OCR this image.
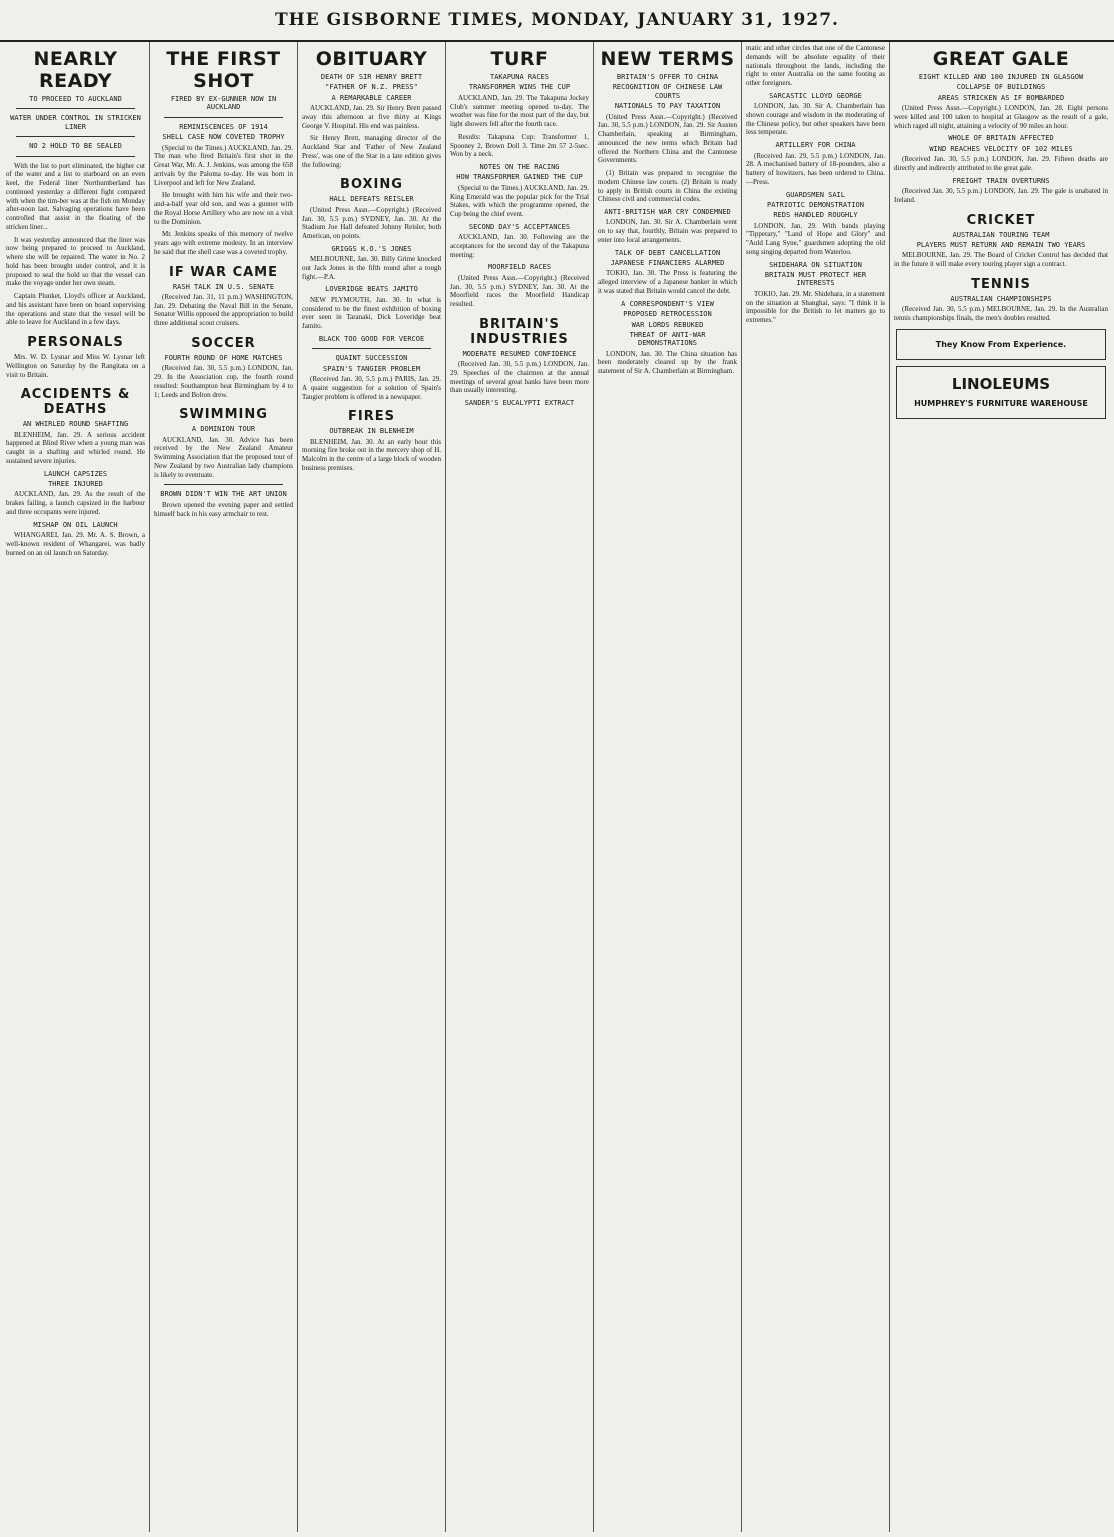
THE GISBORNE TIMES, MONDAY, JANUARY 31, 1927.
NEARLY READY
TO PROCEED TO AUCKLAND
WATER UNDER CONTROL IN STRICKEN LINER
NO 2 HOLD TO BE SEALED

With the list to port eliminated, the higher cut of the water and a list to starboard on an even keel, the Federal liner Northumberland has continued yesterday a different fight compared with when the tim-ber was at the fish on Monday after-noon last. Salvaging operations have been controlled that assist in the floating of the stricken liner...

It was yesterday announced that the liner was now being prepared to proceed to Auckland, where she will be repaired. The water in No. 2 hold has been brought under control, and it is proposed to seal the hold so that the vessel can make the voyage under her own steam.

Captain Plunket, Lloyd's officer at Auckland, and his assistant have been on board supervising the operations and state that the vessel will be able to leave for Auckland in a few days.

PERSONALS

Mrs. W. D. Lysnar and Miss W. Lysnar left Wellington on Saturday by the Rangitata on a visit to Britain.

ACCIDENTS & DEATHS
AN WHIRLED ROUND SHAFTING

BLENHEIM, Jan. 29. A serious accident happened at Blind River when a young man was caught in a shafting and whirled round. He sustained severe injuries.

LAUNCH CAPSIZES
THREE INJURED

AUCKLAND, Jan. 29. As the result of the brakes failing, a launch capsized in the harbour and three occupants were injured.

MISHAP ON OIL LAUNCH

WHANGAREI, Jan. 29. Mr. A. S. Brown, a well-known resident of Whangarei, was badly burned on an oil launch on Saturday.

THE FIRST SHOT
FIRED BY EX-GUNNER NOW IN AUCKLAND
REMINISCENCES OF 1914
SHELL CASE NOW COVETED TROPHY

(Special to the Times.) AUCKLAND, Jan. 29. The man who fired Britain's first shot in the Great War, Mr. A. J. Jenkins, was among the 658 arrivals by the Paloma to-day. He was born in Liverpool and left for New Zealand.

He brought with him his wife and their two-and-a-half year old son, and was a gunner with the Royal Horse Artillery who are now on a visit to the Dominion.

Mr. Jenkins speaks of this memory of twelve years ago with extreme modesty. In an interview he said that the shell case was a coveted trophy.

IF WAR CAME
RASH TALK IN U.S. SENATE

(Received Jan. 31, 11 p.m.) WASHINGTON, Jan. 29. Debating the Naval Bill in the Senate, Senator Willis opposed the appropriation to build three additional scout cruisers.

SOCCER
FOURTH ROUND OF HOME MATCHES

(Received Jan. 30, 5.5 p.m.) LONDON, Jan. 29. In the Association cup, the fourth round resulted: Southampton beat Birmingham by 4 to 1; Leeds and Bolton drew.

SWIMMING
A DOMINION TOUR

AUCKLAND, Jan. 30. Advice has been received by the New Zealand Amateur Swimming Association that the proposed tour of New Zealand by two Australian lady champions is likely to eventuate.

BROWN DIDN'T WIN THE ART UNION

Brown opened the evening paper and settled himself back in his easy armchair to rest.

OBITUARY
DEATH OF SIR HENRY BRETT
"FATHER OF N.Z. PRESS"
A REMARKABLE CAREER

AUCKLAND, Jan. 29. Sir Henry Brett passed away this afternoon at five thirty at Kings George V. Hospital. His end was painless.

Sir Henry Brett, managing director of the Auckland Star and 'Father of New Zealand Press', was one of the Star in a late edition gives the following:

BOXING
HALL DEFEATS REISLER

(United Press Assn.—Copyright.) (Received Jan. 30, 5.5 p.m.) SYDNEY, Jan. 30. At the Stadium Joe Hall defeated Johnny Reisler, both American, on points.

GRIGGS K.O.'S JONES

MELBOURNE, Jan. 30. Billy Grime knocked out Jack Jones in the fifth round after a tough fight.—P.A.

LOVERIDGE BEATS JAMITO

NEW PLYMOUTH, Jan. 30. In what is considered to be the finest exhibition of boxing ever seen in Taranaki, Dick Loveridge beat Jamito.

BLACK TOO GOOD FOR VERCOE
QUAINT SUCCESSION
SPAIN'S TANGIER PROBLEM

(Received Jan. 30, 5.5 p.m.) PARIS, Jan. 29. A quaint suggestion for a solution of Spain's Tangier problem is offered in a newspaper.

FIRES
OUTBREAK IN BLENHEIM

BLENHEIM, Jan. 30. At an early hour this morning fire broke out in the mercery shop of H. Malcolm in the centre of a large block of wooden business premises.

TURF
TAKAPUNA RACES
TRANSFORMER WINS THE CUP

AUCKLAND, Jan. 29. The Takapuna Jockey Club's summer meeting opened to-day. The weather was fine for the most part of the day, but light showers fell after the fourth race.

Results: Takapuna Cup: Transformer 1, Spooney 2, Brown Doll 3. Time 2m 57 2-5sec. Won by a neck.

NOTES ON THE RACING
HOW TRANSFORMER GAINED THE CUP

(Special to the Times.) AUCKLAND, Jan. 29. King Emerald was the popular pick for the Trial Stakes, with which the programme opened, the Cup being the chief event.

SECOND DAY'S ACCEPTANCES

AUCKLAND, Jan. 30. Following are the acceptances for the second day of the Takapuna meeting:

MOORFIELD RACES

(United Press Assn.—Copyright.) (Received Jan. 30, 5.5 p.m.) SYDNEY, Jan. 30. At the Moorfield races the Moorfield Handicap resulted.

BRITAIN'S INDUSTRIES
MODERATE RESUMED CONFIDENCE

(Received Jan. 30, 5.5 p.m.) LONDON, Jan. 29. Speeches of the chairmen at the annual meetings of several great banks have been more than usually interesting.

SANDER'S EUCALYPTI EXTRACT
NEW TERMS
BRITAIN'S OFFER TO CHINA
RECOGNITION OF CHINESE LAW COURTS
NATIONALS TO PAY TAXATION

(United Press Assn.—Copyright.) (Received Jan. 30, 5.5 p.m.) LONDON, Jan. 29. Sir Austen Chamberlain, speaking at Birmingham, announced the new terms which Britain had offered the Northern China and the Cantonese Governments.

(1) Britain was prepared to recognise the modern Chinese law courts. (2) Britain is ready to apply in British courts in China the existing Chinese civil and commercial codes.

ANTI-BRITISH WAR CRY CONDEMNED

LONDON, Jan. 30. Sir A. Chamberlain went on to say that, fourthly, Britain was prepared to enter into local arrangements.

TALK OF DEBT CANCELLATION
JAPANESE FINANCIERS ALARMED

TOKIO, Jan. 30. The Press is featuring the alleged interview of a Japanese banker in which it was stated that Britain would cancel the debt.

A CORRESPONDENT'S VIEW
PROPOSED RETROCESSION
WAR LORDS REBUKED
THREAT OF ANTI-WAR DEMONSTRATIONS

LONDON, Jan. 30. The China situation has been moderately cleared up by the frank statement of Sir A. Chamberlain at Birmingham.

matic and other circles that one of the Cantonese demands will be absolute equality of their nationals throughout the lands, including the right to enter Australia on the same footing as other foreigners.

SARCASTIC LLOYD GEORGE

LONDON, Jan. 30. Sir A. Chamberlain has shown courage and wisdom in the moderating of the Chinese policy, but other speakers have been less temperate.

ARTILLERY FOR CHINA

(Received Jan. 29, 5.5 p.m.) LONDON, Jan. 28. A mechanised battery of 18-pounders, also a battery of howitzers, has been ordered to China.—Press.

GUARDSMEN SAIL
PATRIOTIC DEMONSTRATION
REDS HANDLED ROUGHLY

LONDON, Jan. 29. With bands playing "Tipperary," "Land of Hope and Glory" and "Auld Lang Syne," guardsmen adopting the old song singing departed from Waterloo.

SHIDEHARA ON SITUATION
BRITAIN MUST PROTECT HER INTERESTS

TOKIO, Jan. 29. Mr. Shidehara, in a statement on the situation at Shanghai, says: "I think it is impossible for the British to let matters go to extremes."

GREAT GALE
EIGHT KILLED AND 100 INJURED IN GLASGOW
COLLAPSE OF BUILDINGS
AREAS STRICKEN AS IF BOMBARDED

(United Press Assn.—Copyright.) LONDON, Jan. 28. Eight persons were killed and 100 taken to hospital at Glasgow as the result of a gale, which raged all night, attaining a velocity of 90 miles an hour.

WHOLE OF BRITAIN AFFECTED
WIND REACHES VELOCITY OF 102 MILES

(Received Jan. 30, 5.5 p.m.) LONDON, Jan. 29. Fifteen deaths are directly and indirectly attributed to the great gale.

FREIGHT TRAIN OVERTURNS

(Received Jan. 30, 5.5 p.m.) LONDON, Jan. 29. The gale is unabated in Ireland.

CRICKET
AUSTRALIAN TOURING TEAM
PLAYERS MUST RETURN AND REMAIN TWO YEARS

MELBOURNE, Jan. 29. The Board of Cricket Control has decided that in the future it will make every touring player sign a contract.

TENNIS
AUSTRALIAN CHAMPIONSHIPS

(Received Jan. 30, 5.5 p.m.) MELBOURNE, Jan. 29. In the Australian tennis championships finals, the men's doubles resulted.

They Know From Experience.
LINOLEUMS
HUMPHREY'S FURNITURE WAREHOUSE
